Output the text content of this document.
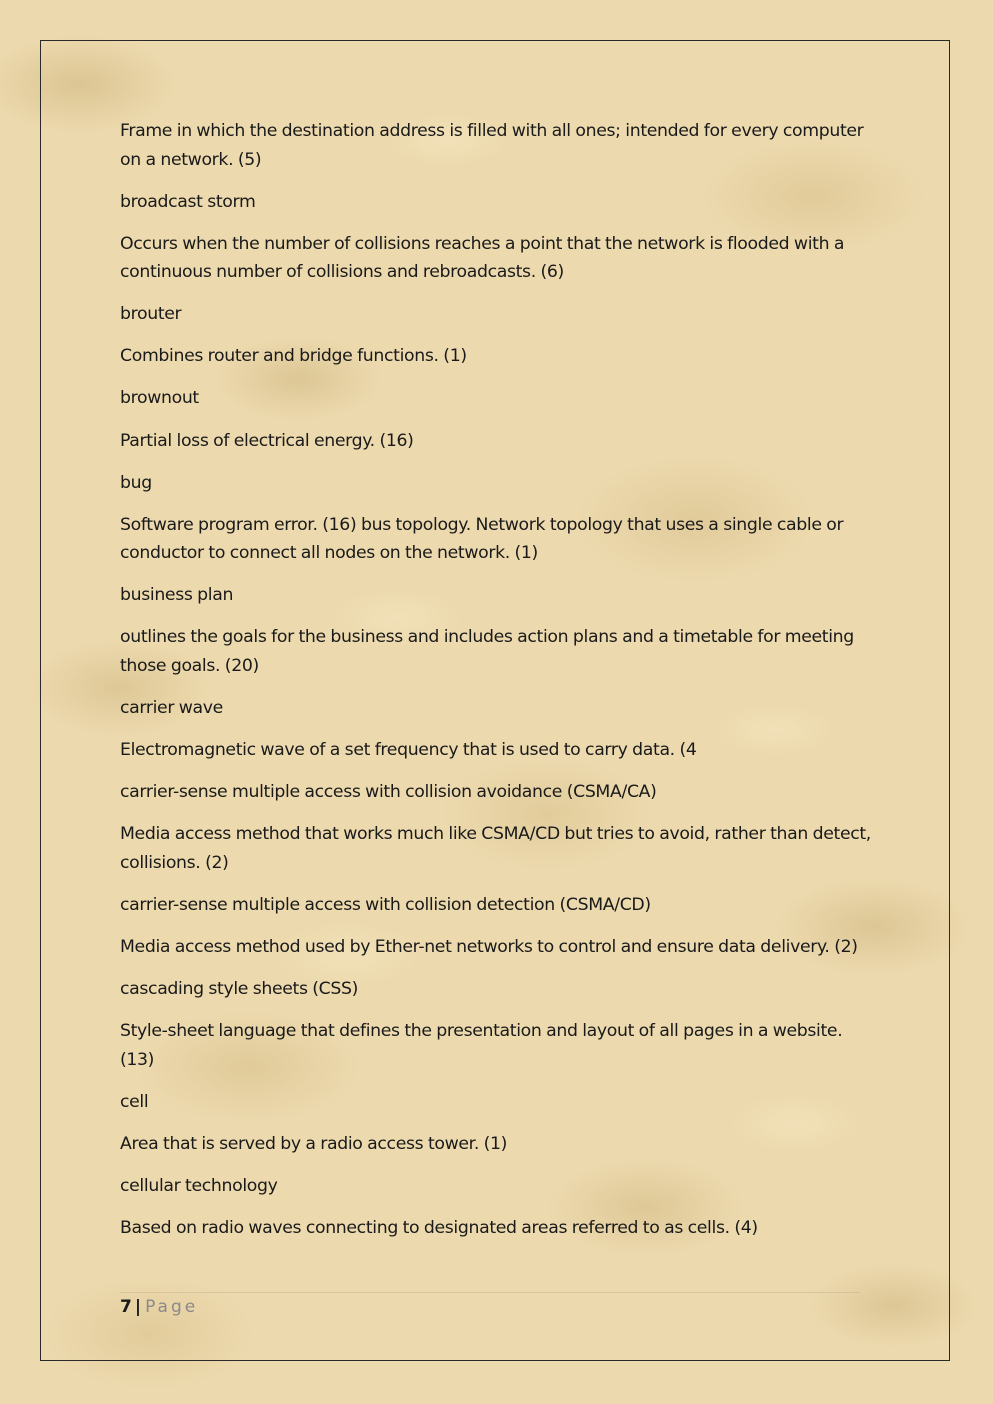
Frame in which the destination address is filled with all ones; intended for every computer on a network. (5)

broadcast storm

Occurs when the number of collisions reaches a point that the network is flooded with a continuous number of collisions and rebroadcasts. (6)

brouter

Combines router and bridge functions. (1)

brownout

Partial loss of electrical energy. (16)

bug

Software program error. (16) bus topology. Network topology that uses a single cable or conductor to connect all nodes on the network. (1)

business plan

outlines the goals for the business and includes action plans and a timetable for meeting those goals. (20)

carrier wave

Electromagnetic wave of a set frequency that is used to carry data. (4

carrier-sense multiple access with collision avoidance (CSMA/CA)

Media access method that works much like CSMA/CD but tries to avoid, rather than detect, collisions. (2)

carrier-sense multiple access with collision detection (CSMA/CD)

Media access method used by Ether-net networks to control and ensure data delivery. (2)

cascading style sheets (CSS)

Style-sheet language that defines the presentation and layout of all pages in a website. (13)

cell

Area that is served by a radio access tower. (1)

cellular technology

Based on radio waves connecting to designated areas referred to as cells. (4)

7 | Page
